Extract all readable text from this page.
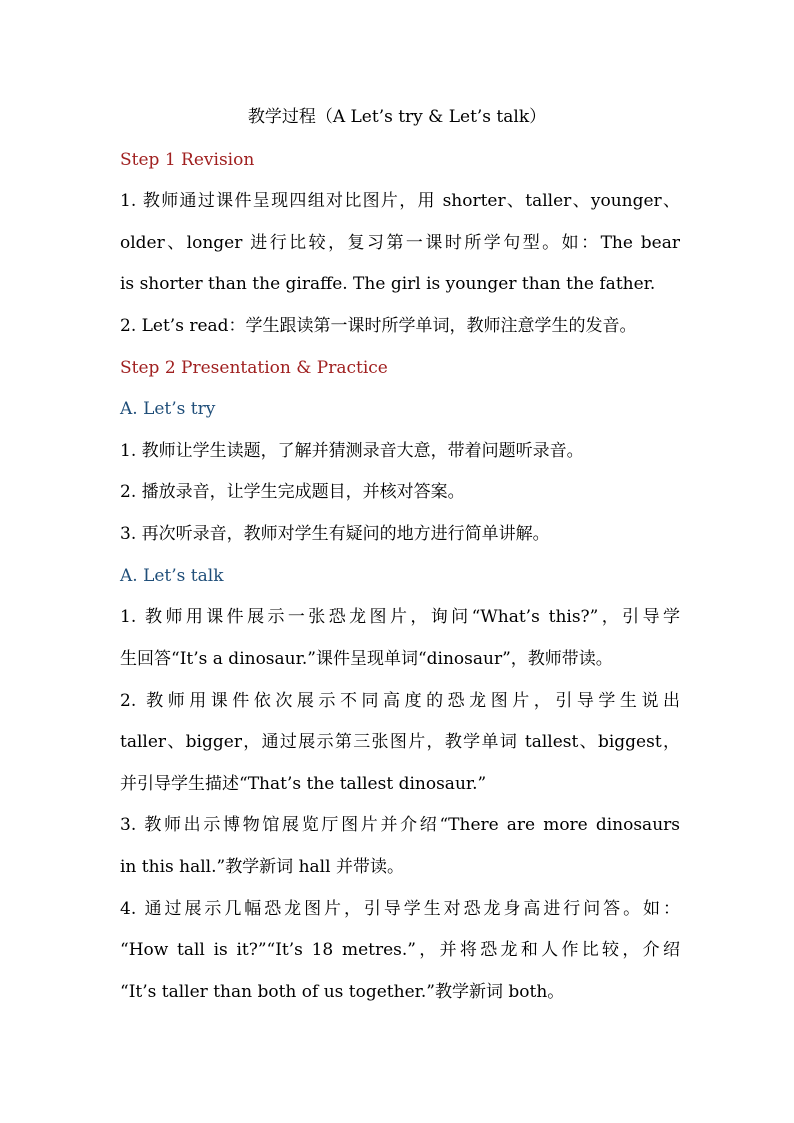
教学过程（A Let’s try & Let’s talk）
Step 1 Revision
1. 教师通过课件呈现四组对比图片，用 shorter、taller、younger、
older、longer 进行比较，复习第一课时所学句型。如：The bear
is shorter than the giraffe. The girl is younger than the father.
2. Let’s read：学生跟读第一课时所学单词，教师注意学生的发音。
Step 2 Presentation & Practice
A. Let’s try
1. 教师让学生读题，了解并猜测录音大意，带着问题听录音。
2. 播放录音，让学生完成题目，并核对答案。
3. 再次听录音，教师对学生有疑问的地方进行简单讲解。
A. Let’s talk
1. 教师用课件展示一张恐龙图片，询问“What’s this?”，引导学
生回答“It’s a dinosaur.”课件呈现单词“dinosaur”，教师带读。
2. 教师用课件依次展示不同高度的恐龙图片，引导学生说出
taller、bigger，通过展示第三张图片，教学单词 tallest、biggest，
并引导学生描述“That’s the tallest dinosaur.”
3. 教师出示博物馆展览厅图片并介绍“There are more dinosaurs
in this hall.”教学新词 hall 并带读。
4. 通过展示几幅恐龙图片，引导学生对恐龙身高进行问答。如：
“How tall is it?”“It’s 18 metres.”，并将恐龙和人作比较，介绍
“It’s taller than both of us together.”教学新词 both。
